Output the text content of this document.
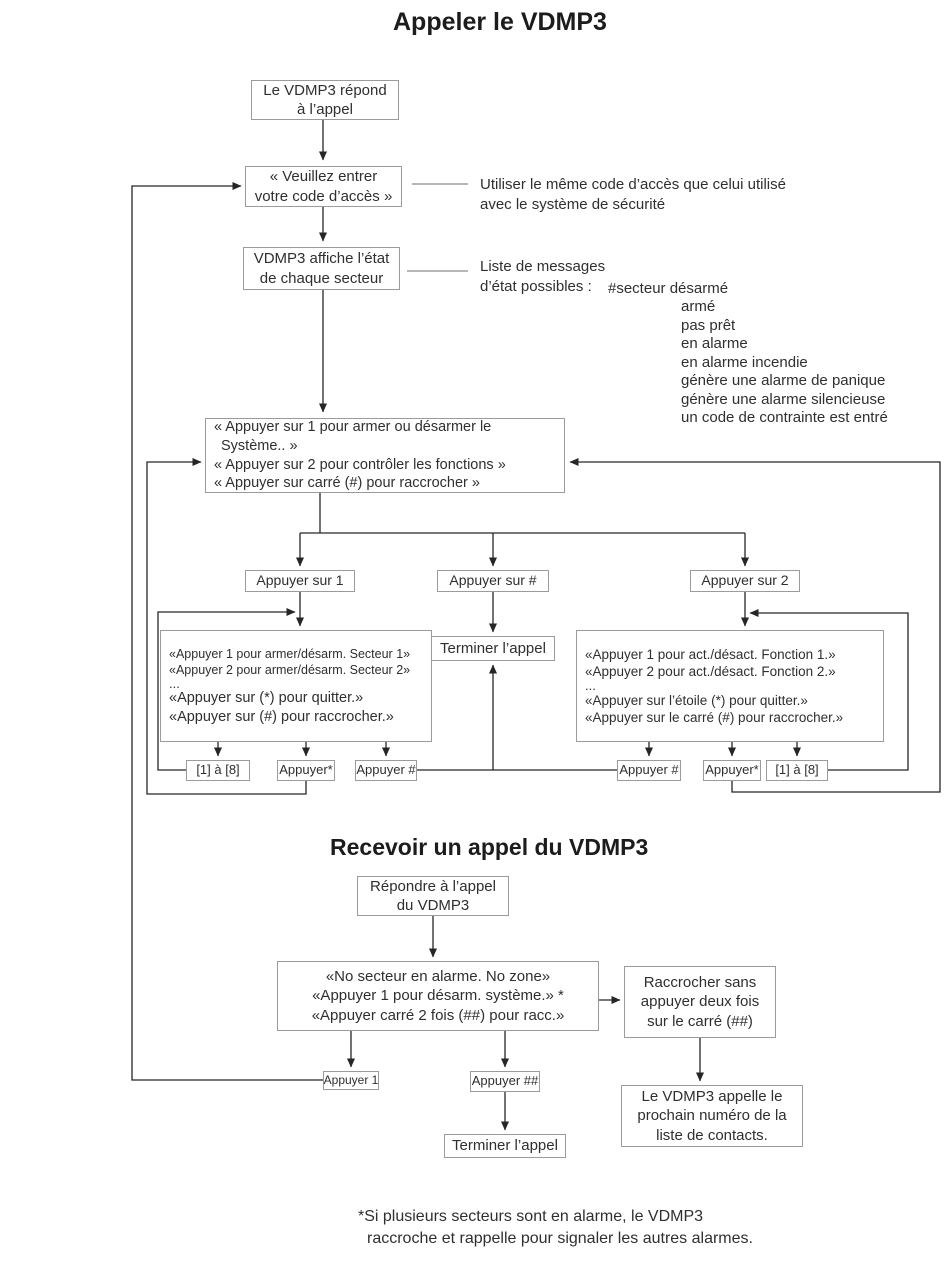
Appeler le VDMP3
Recevoir un appel du VDMP3
Le VDMP3 répond
à l’appel
« Veuillez entrer
votre code d’accès »
Utiliser le même code d’accès que celui utilisé
avec le système de sécurité
VDMP3 affiche l’état
de chaque secteur
Liste de messages
d’état possibles :	#secteur désarmé
armé
pas prêt
en alarme
en alarme incendie
génère une alarme de panique
génère une alarme silencieuse
un code de contrainte est entré
« Appuyer sur 1 pour armer ou désarmer le
Système.. »
« Appuyer sur 2 pour contrôler les fonctions »
« Appuyer sur carré (#) pour raccrocher »
Appuyer sur 1	Appuyer sur #	Appuyer sur 2
«Appuyer 1 pour armer/désarm. Secteur 1»
«Appuyer 2 pour armer/désarm. Secteur 2»
...
«Appuyer sur (*) pour quitter.»
«Appuyer sur (#) pour raccrocher.»
Terminer l’appel	«Appuyer 1 pour act./désact. Fonction 1.»
«Appuyer 2 pour act./désact. Fonction 2.»
...
«Appuyer sur l’étoile (*) pour quitter.»
«Appuyer sur le carré (#) pour raccrocher.»
[1] à [8]	Appuyer* Appuyer #	Appuyer # Appuyer* [1] à [8]
Répondre à l’appel
du VDMP3
«No secteur en alarme. No zone»
«Appuyer 1 pour désarm. système.» *
«Appuyer carré 2 fois (##) pour racc.»
Raccrocher sans
appuyer deux fois
sur le carré (##)
Appuyer 1	Appuyer ##
Terminer l’appel
Le VDMP3 appelle le
prochain numéro de la
liste de contacts.
*Si plusieurs secteurs sont en alarme, le VDMP3
raccroche et rappelle pour signaler les autres alarmes.
